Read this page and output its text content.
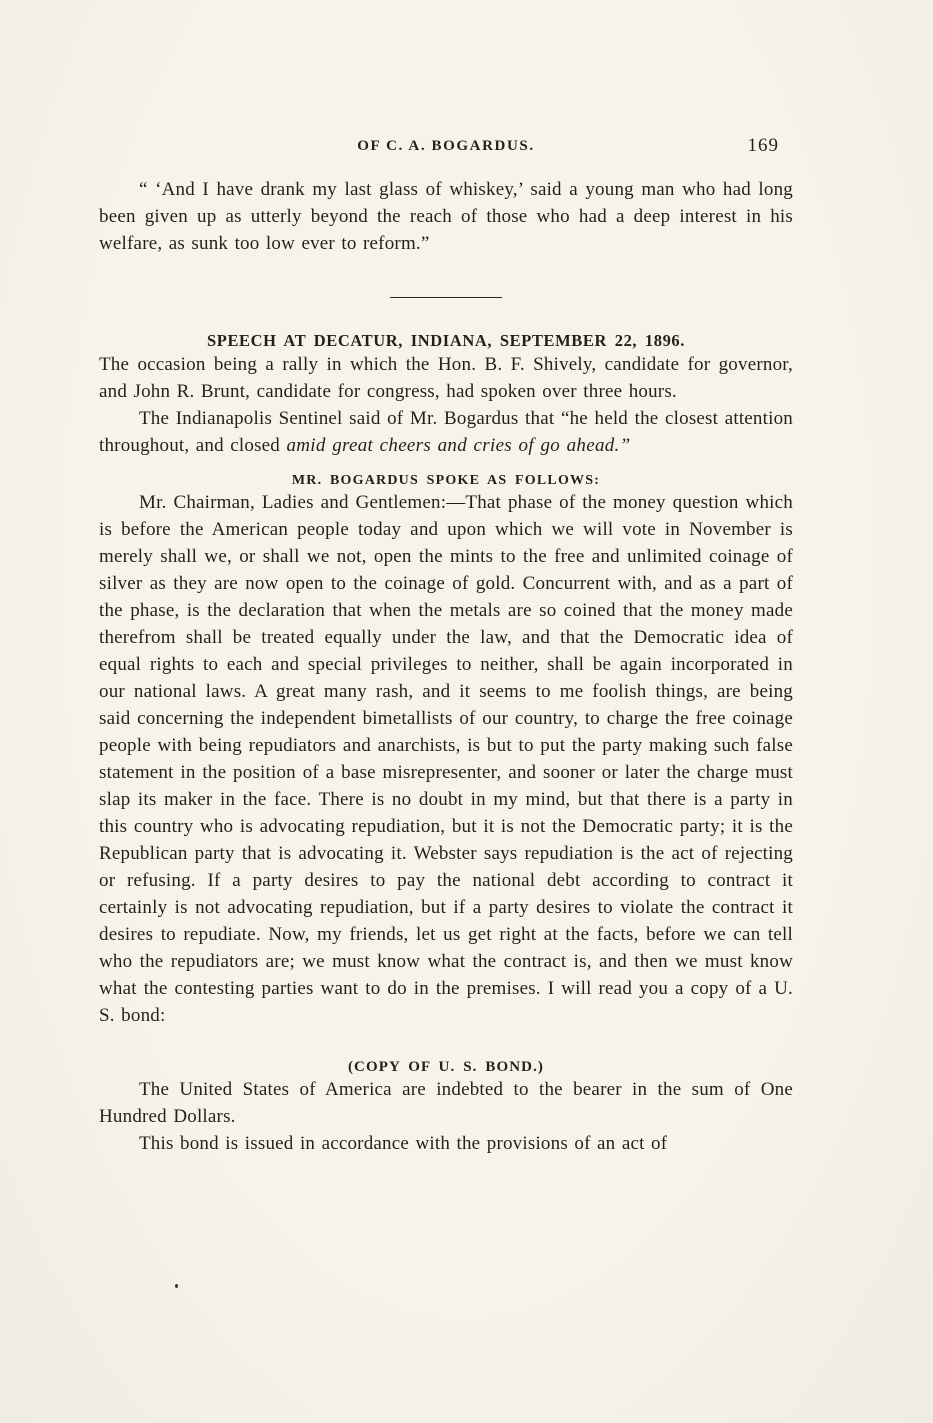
OF C. A. BOGARDUS.	169

“ ‘And I have drank my last glass of whiskey,’ said a young man who had long been given up as utterly beyond the reach of those who had a deep interest in his welfare, as sunk too low ever to reform.”

SPEECH AT DECATUR, INDIANA, SEPTEMBER 22, 1896.

The occasion being a rally in which the Hon. B. F. Shively, candidate for governor, and John R. Brunt, candidate for congress, had spoken over three hours.

The Indianapolis Sentinel said of Mr. Bogardus that “he held the closest attention throughout, and closed amid great cheers and cries of go ahead.”

MR. BOGARDUS SPOKE AS FOLLOWS:

Mr. Chairman, Ladies and Gentlemen:—That phase of the money question which is before the American people today and upon which we will vote in November is merely shall we, or shall we not, open the mints to the free and unlimited coinage of silver as they are now open to the coinage of gold. Concurrent with, and as a part of the phase, is the declaration that when the metals are so coined that the money made therefrom shall be treated equally under the law, and that the Democratic idea of equal rights to each and special privileges to neither, shall be again incorporated in our national laws. A great many rash, and it seems to me foolish things, are being said concerning the independent bimetallists of our country, to charge the free coinage people with being repudiators and anarchists, is but to put the party making such false statement in the position of a base misrepresenter, and sooner or later the charge must slap its maker in the face. There is no doubt in my mind, but that there is a party in this country who is advocating repudiation, but it is not the Democratic party; it is the Republican party that is advocating it. Webster says repudiation is the act of rejecting or refusing. If a party desires to pay the national debt according to contract it certainly is not advocating repudiation, but if a party desires to violate the contract it desires to repudiate. Now, my friends, let us get right at the facts, before we can tell who the repudiators are; we must know what the contract is, and then we must know what the contesting parties want to do in the premises. I will read you a copy of a U. S. bond:

(COPY OF U. S. BOND.)

The United States of America are indebted to the bearer in the sum of One Hundred Dollars.

This bond is issued in accordance with the provisions of an act of
